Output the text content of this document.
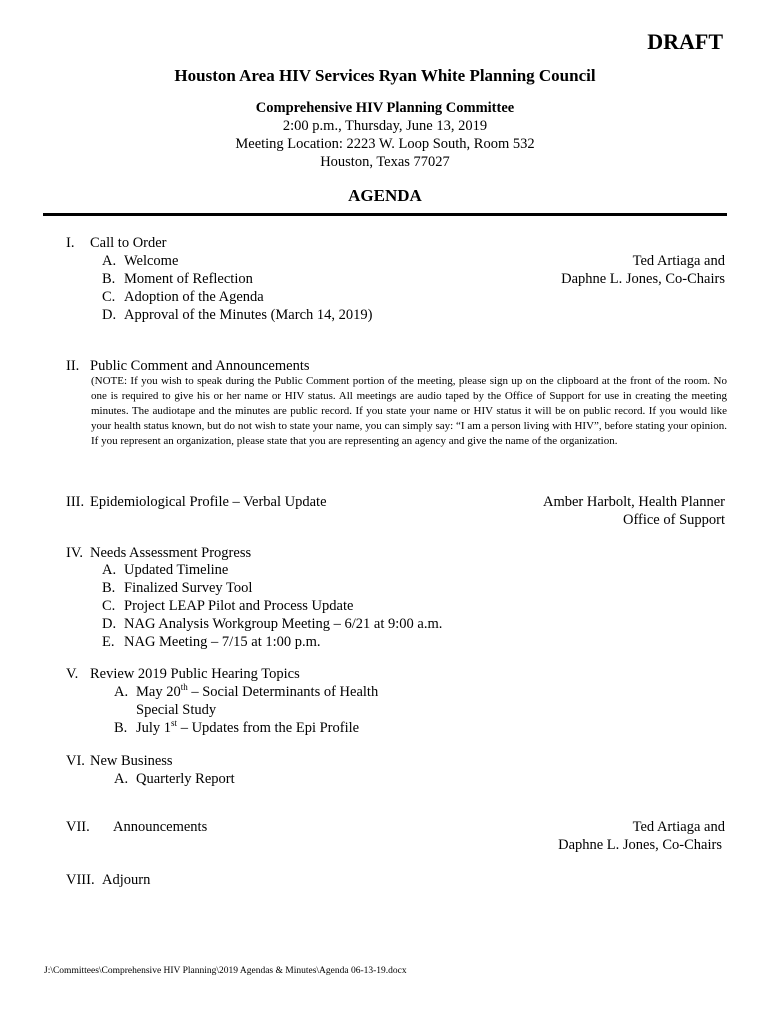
DRAFT
Houston Area HIV Services Ryan White Planning Council
Comprehensive HIV Planning Committee
2:00 p.m., Thursday, June 13, 2019
Meeting Location: 2223 W. Loop South, Room 532
Houston, Texas 77027
AGENDA
I. Call to Order
A. Welcome
B. Moment of Reflection
C. Adoption of the Agenda
D. Approval of the Minutes (March 14, 2019)
Ted Artiaga and
Daphne L. Jones, Co-Chairs
II. Public Comment and Announcements
(NOTE: If you wish to speak during the Public Comment portion of the meeting, please sign up on the clipboard at the front of the room. No one is required to give his or her name or HIV status. All meetings are audio taped by the Office of Support for use in creating the meeting minutes. The audiotape and the minutes are public record. If you state your name or HIV status it will be on public record. If you would like your health status known, but do not wish to state your name, you can simply say: “I am a person living with HIV”, before stating your opinion. If you represent an organization, please state that you are representing an agency and give the name of the organization.
III. Epidemiological Profile – Verbal Update	Amber Harbolt, Health Planner
Office of Support
IV. Needs Assessment Progress
A. Updated Timeline
B. Finalized Survey Tool
C. Project LEAP Pilot and Process Update
D. NAG Analysis Workgroup Meeting – 6/21 at 9:00 a.m.
E. NAG Meeting – 7/15 at 1:00 p.m.
V. Review 2019 Public Hearing Topics
A. May 20th – Social Determinants of Health
Special Study
B. July 1st – Updates from the Epi Profile
VI. New Business
A. Quarterly Report
VII. Announcements	Ted Artiaga and
Daphne L. Jones, Co-Chairs
VIII. Adjourn
J:\Committees\Comprehensive HIV Planning\2019 Agendas & Minutes\Agenda 06-13-19.docx
